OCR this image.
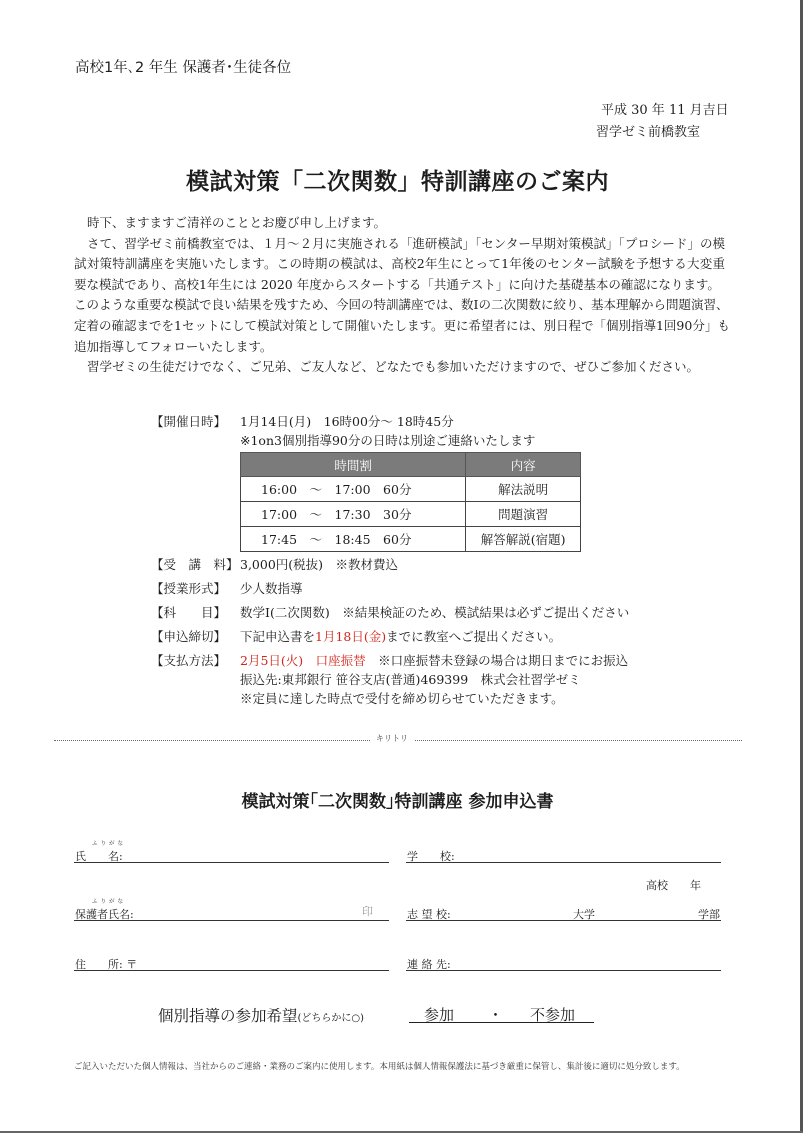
高校1年､2 年生 保護者･生徒各位
平成 30 年 11 月吉日
習学ゼミ前橋教室
模試対策「二次関数」特訓講座のご案内

時下、ますますご清祥のこととお慶び申し上げます。

さて、習学ゼミ前橋教室では、１月～２月に実施される「進研模試」「センター早期対策模試」「プロシード」の模

試対策特訓講座を実施いたします。この時期の模試は、高校2年生にとって1年後のセンター試験を予想する大変重

要な模試であり、高校1年生には 2020 年度からスタートする「共通テスト」に向けた基礎基本の確認になります。

このような重要な模試で良い結果を残すため、今回の特訓講座では、数Iの二次関数に絞り、基本理解から問題演習、

定着の確認までを1セットにして模試対策として開催いたします。更に希望者には、別日程で「個別指導1回90分」も

追加指導してフォローいたします。

習学ゼミの生徒だけでなく、ご兄弟、ご友人など、どなたでも参加いただけますので、ぜひご参加ください。

【開催日時】 1月14日(月)　16時00分～ 18時45分
※1on3個別指導90分の日時は別途ご連絡いたします
時間割	内容
16:00　～　17:00　60分	解法説明
17:00　～　17:30　30分	問題演習
17:45　～　18:45　60分	解答解説(宿題)
【受　講　料】 3,000円(税抜)　※教材費込
【授業形式】 少人数指導
【科　　目】 数学I(二次関数)　※結果検証のため、模試結果は必ずご提出ください
【申込締切】 下記申込書を1月18日(金)までに教室へご提出ください。
【支払方法】 2月5日(火)　口座振替　※口座振替未登録の場合は期日までにお振込
振込先:東邦銀行 笹谷支店(普通)469399　株式会社習学ゼミ
※定員に達した時点で受付を締め切らせていただきます。
キリトリ
模試対策｢二次関数｣特訓講座 参加申込書
ふりがな
氏　　名:	学　　校:
高校　　年
ふりがな
保護者氏名:	印	志 望 校:	大学	学部
住　　所: 〒	連 絡 先:
個別指導の参加希望(どちらかに○)	参加 ・ 不参加
ご記入いただいた個人情報は、当社からのご連絡・業務のご案内に使用します。本用紙は個人情報保護法に基づき厳重に保管し、集計後に適切に処分致します。
